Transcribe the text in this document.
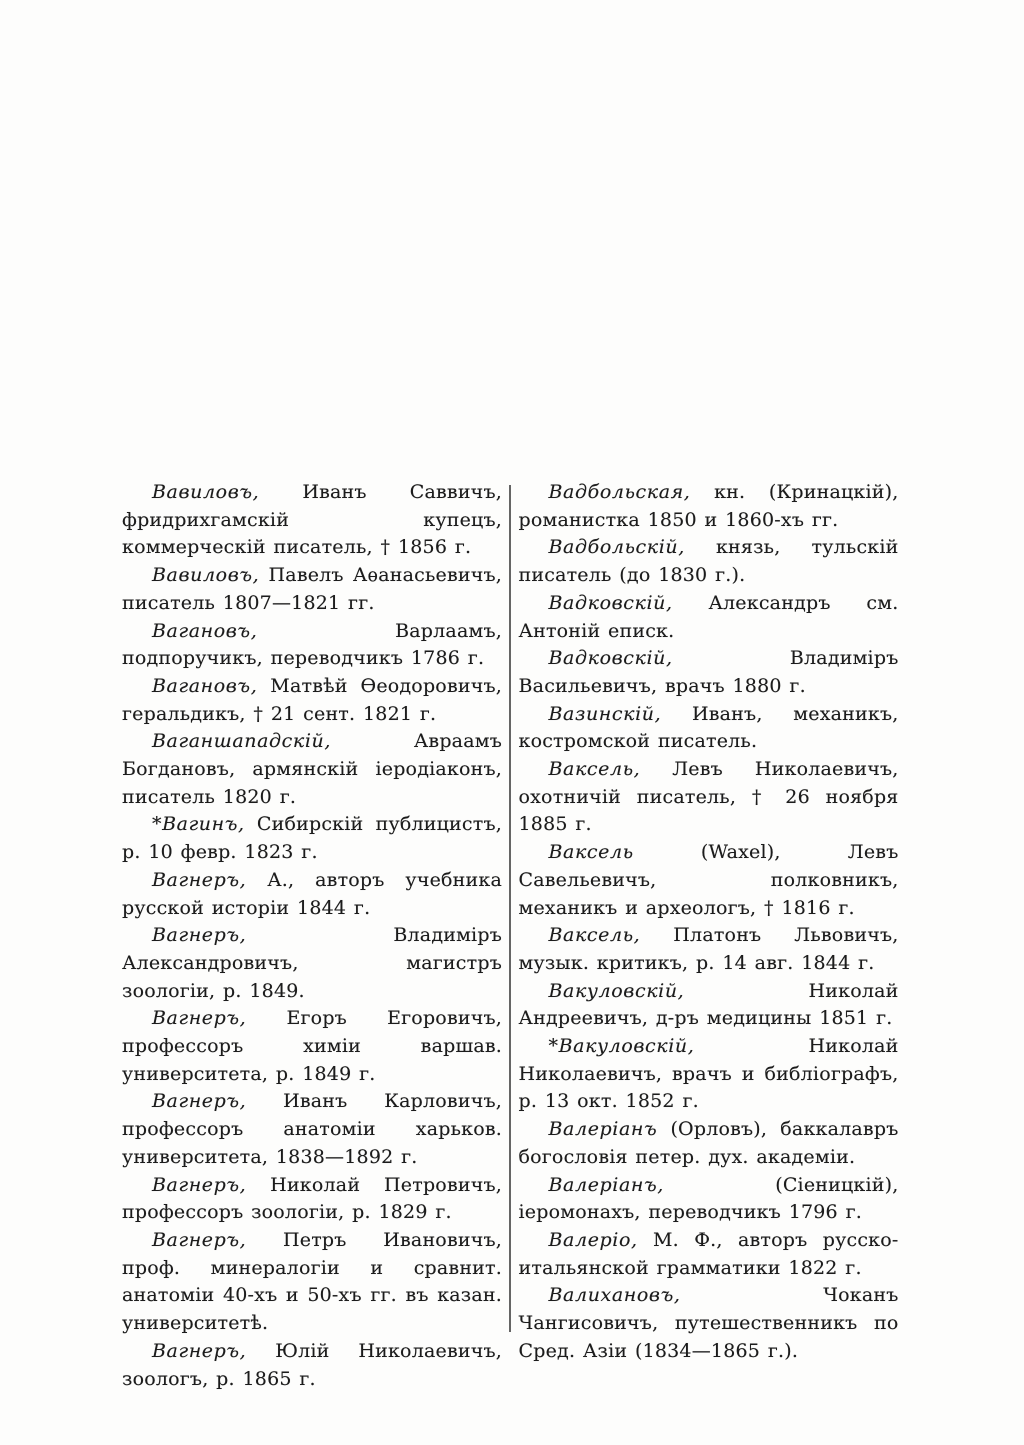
Вавиловъ, Иванъ Саввичъ, фридрихгамскій купецъ, коммерческій писатель, † 1856 г.

Вавиловъ, Павелъ Аѳанасьевичъ, писатель 1807—1821 гг.

Вагановъ,	Варлаамъ, подпоручикъ, переводчикъ 1786 г.

Вагановъ, Матвѣй Ѳеодоровичъ, геральдикъ, † 21 сент. 1821 г.

Ваганшападскій,	Авраамъ Богдановъ, армянскій іеродіаконъ, писатель 1820 г.

*Вагинъ, Сибирскій публицистъ, р. 10 февр. 1823 г.

Вагнеръ, А., авторъ учебника русской исторіи 1844 г.

Вагнеръ,	Владиміръ Александровичъ, магистръ зоологіи, р. 1849.

Вагнеръ, Егоръ Егоровичъ, профессоръ химіи варшав. университета, р. 1849 г.

Вагнеръ, Иванъ Карловичъ, профессоръ анатоміи харьков. университета, 1838—1892 г.

Вагнеръ, Николай Петровичъ, профессоръ зоологіи, р. 1829 г.

Вагнеръ, Петръ Ивановичъ, проф. минералогіи и сравнит. анатоміи 40-хъ и 50-хъ гг. въ казан. университетѣ.

Вагнеръ, Юлій Николаевичъ, зоологъ, р. 1865 г.

Вадбольская, кн. (Кринацкій), романистка 1850 и 1860-хъ гг.

Вадбольскій, князь, тульскій писатель (до 1830 г.).

Вадковскій, Александръ см. Антоній еписк.

Вадковскій,	Владиміръ Васильевичъ, врачъ 1880 г.

Вазинскій, Иванъ, механикъ, костромской писатель.

Ваксель, Левъ Николаевичъ, охотничій писатель, † 26 ноября 1885 г.

Ваксель	(Waxel), Левъ Савельевичъ, полковникъ, механикъ и археологъ, † 1816 г.

Ваксель, Платонъ Львовичъ, музык. критикъ, р. 14 авг. 1844 г.

Вакуловскій,	Николай Андреевичъ, д-ръ медицины 1851 г.

*Вакуловскій,	Николай Николаевичъ, врачъ и библіографъ, р. 13 окт. 1852 г.

Валеріанъ (Орловъ), баккалавръ богословія петер. дух. академіи.

Валеріанъ,	(Сіеницкій), іеромонахъ, переводчикъ 1796 г.

Валеріо, М. Ф., авторъ русско-итальянской грамматики 1822 г.

Валихановъ,	Чоканъ Чангисовичъ, путешественникъ по Сред. Азіи (1834—1865 г.).
